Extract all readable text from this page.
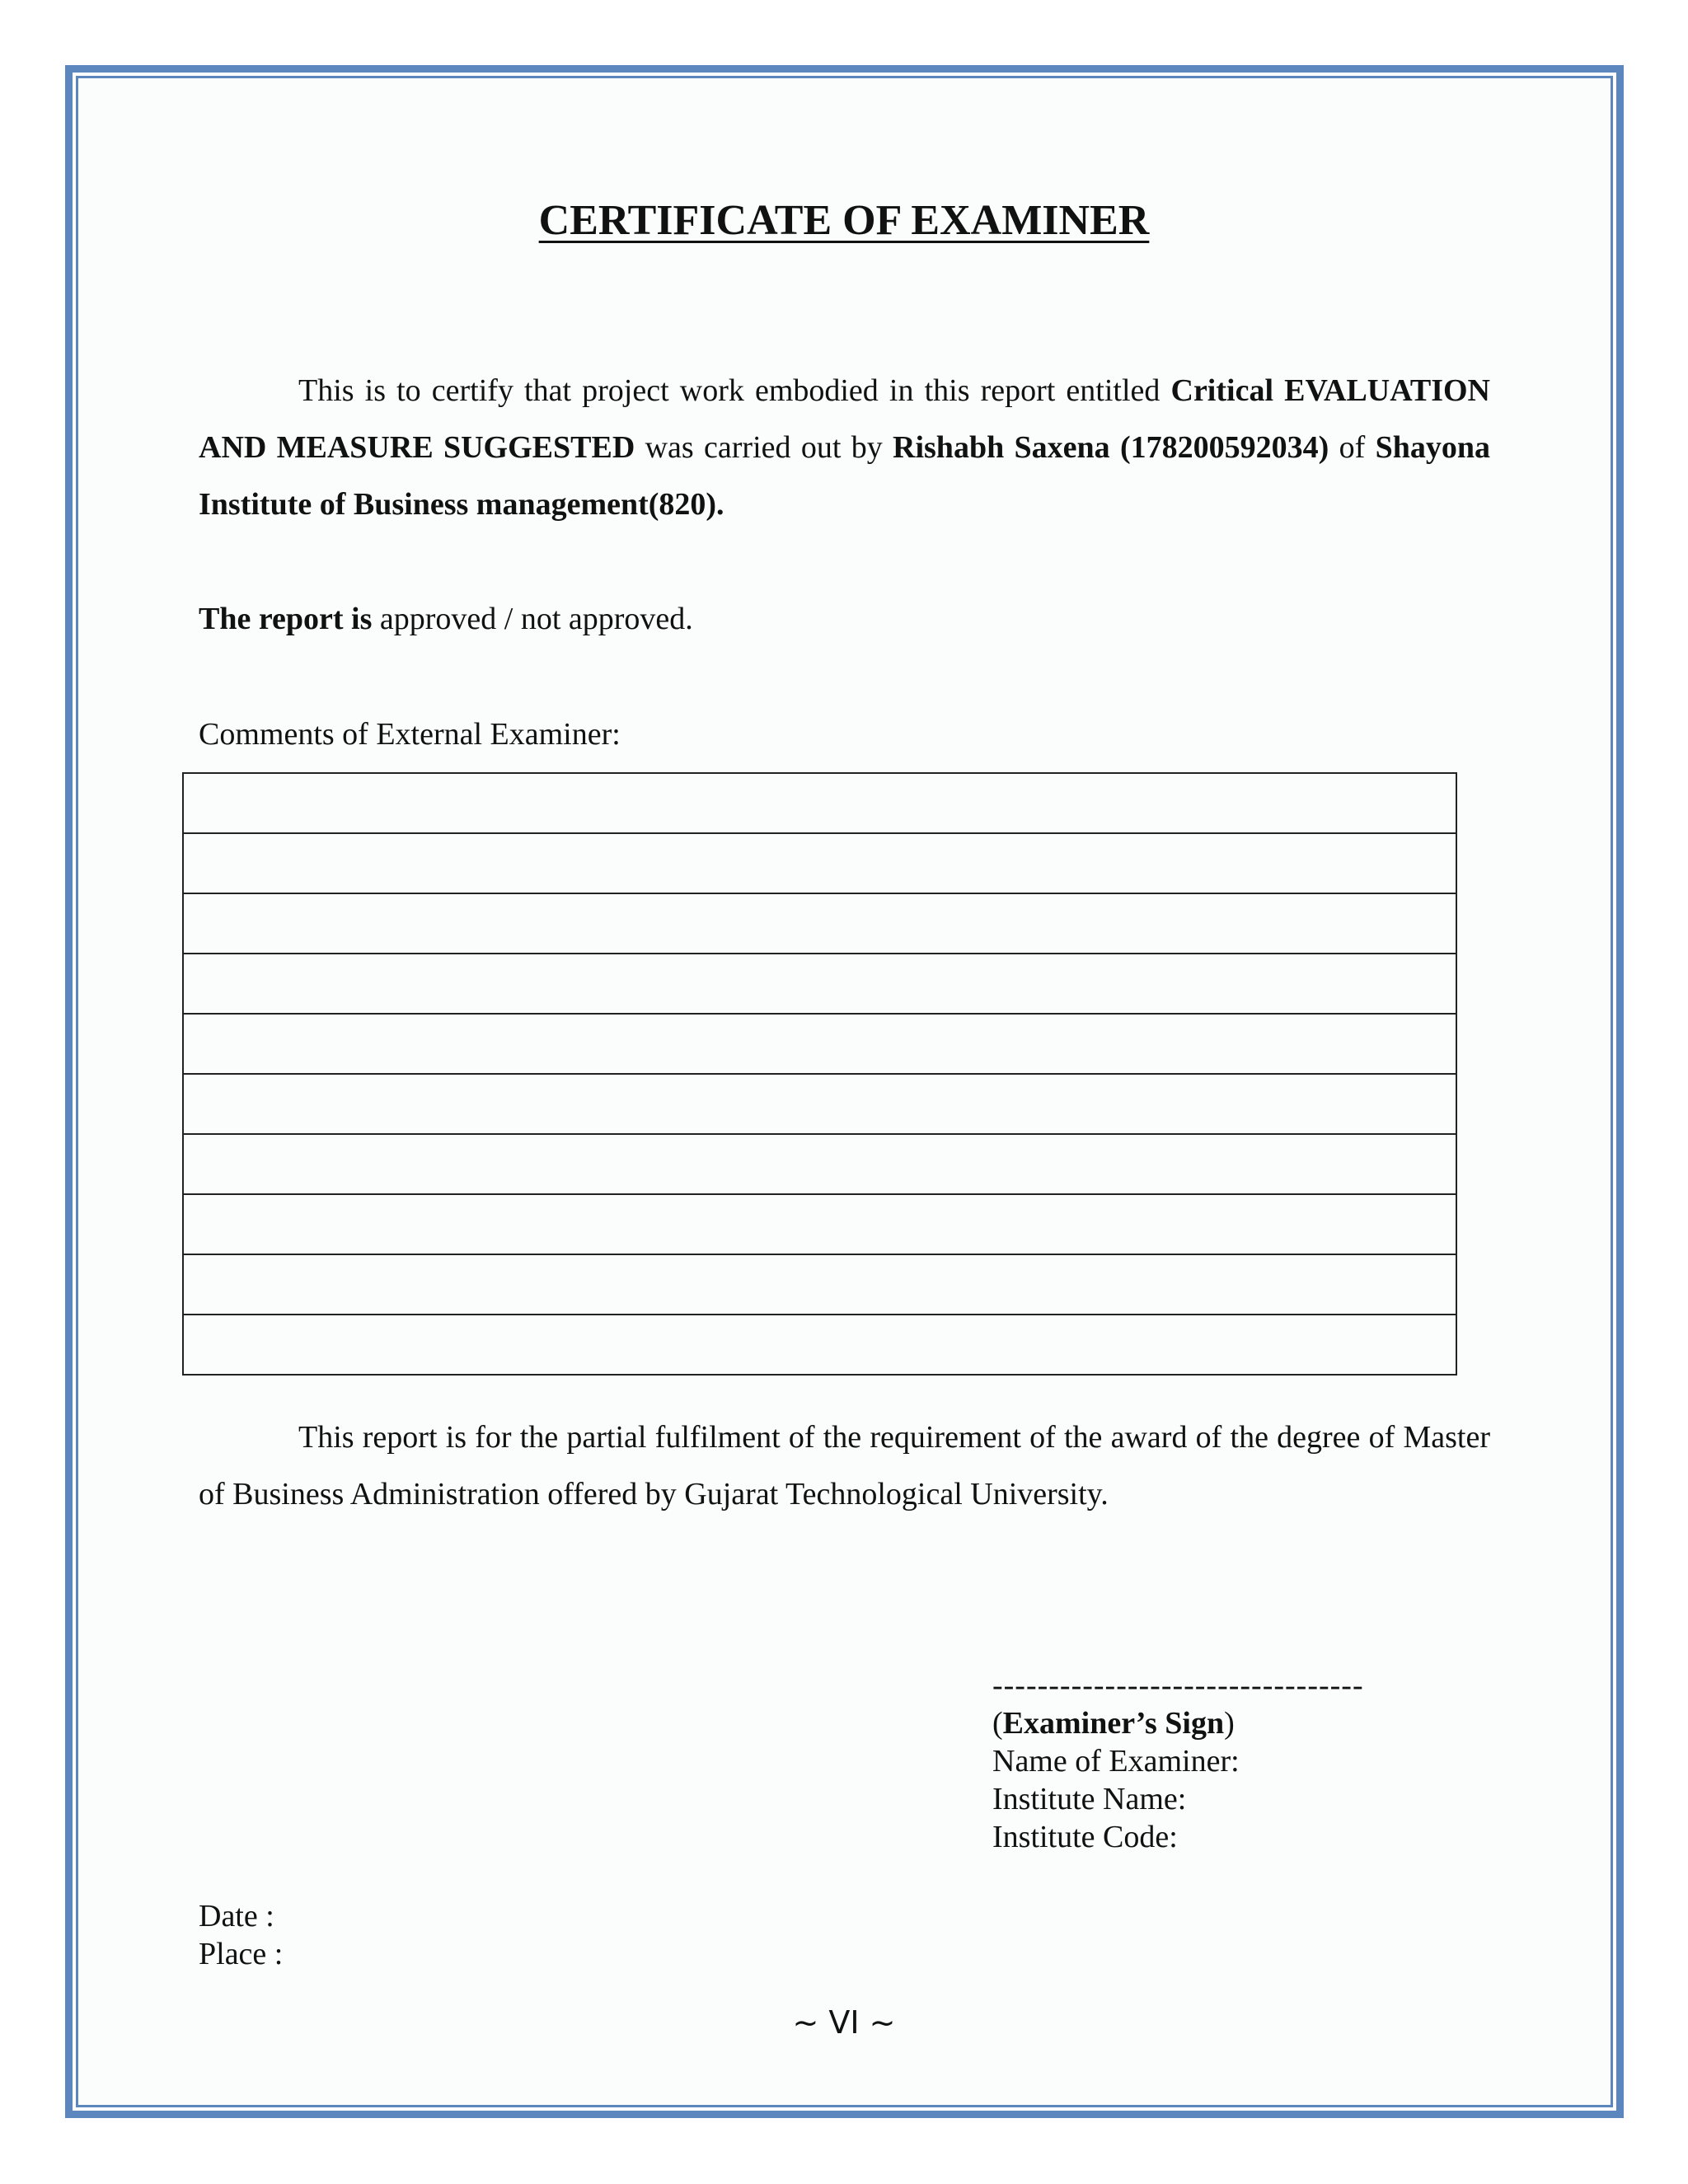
CERTIFICATE OF EXAMINER
This is to certify that project work embodied in this report entitled Critical EVALUATION AND MEASURE SUGGESTED was carried out by Rishabh Saxena (178200592034) of Shayona Institute of Business management(820).
The report is approved / not approved.
Comments of External Examiner:

This report is for the partial fulfilment of the requirement of the award of the degree of Master of Business Administration offered by Gujarat Technological University.
---------------------------------
(Examiner’s Sign)
Name of Examiner:
Institute Name:
Institute Code:
Date :
Place :
~ VI ~
